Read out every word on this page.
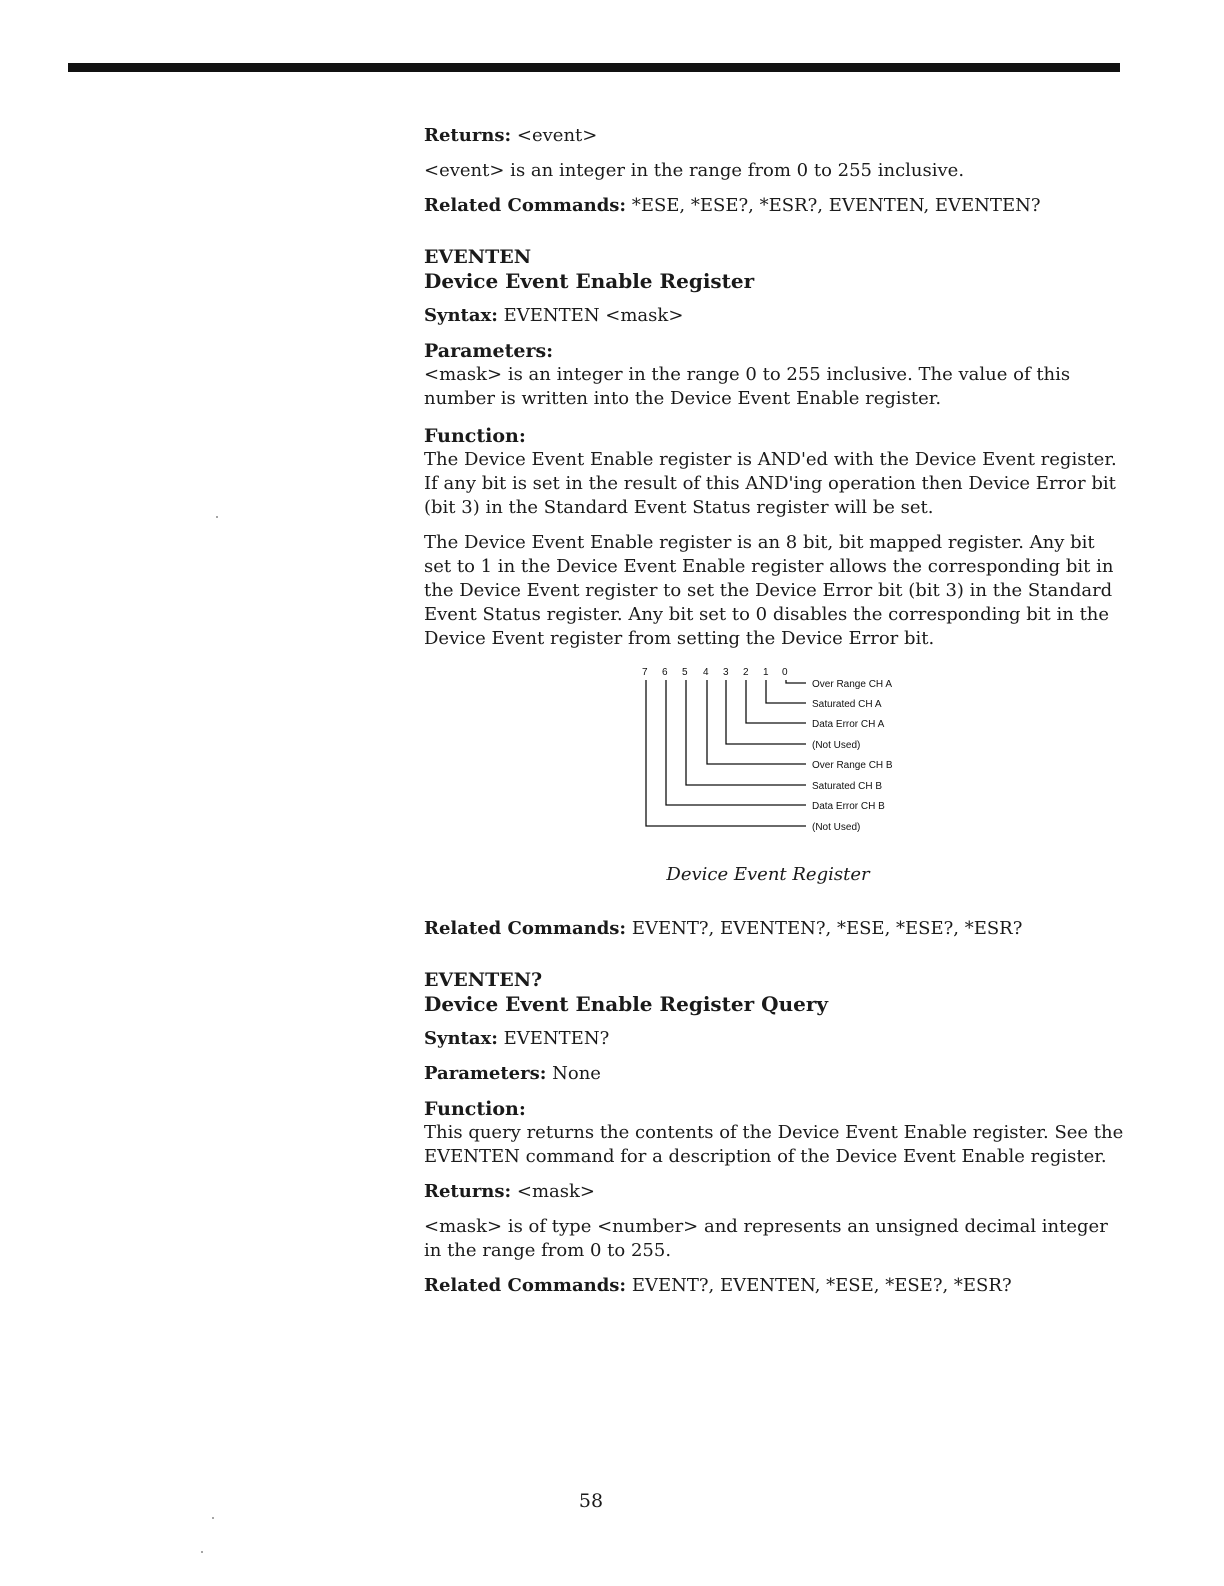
Returns: <event>

<event> is an integer in the range from 0 to 255 inclusive.

Related Commands: *ESE, *ESE?, *ESR?, EVENTEN, EVENTEN?

EVENTEN

Device Event Enable Register

Syntax: EVENTEN <mask>

Parameters:

<mask> is an integer in the range 0 to 255 inclusive. The value of this number is written into the Device Event Enable register.

Function:

The Device Event Enable register is AND'ed with the Device Event register. If any bit is set in the result of this AND'ing operation then Device Error bit (bit 3) in the Standard Event Status register will be set.

The Device Event Enable register is an 8 bit, bit mapped register. Any bit set to 1 in the Device Event Enable register allows the corresponding bit in the Device Event register to set the Device Error bit (bit 3) in the Standard Event Status register. Any bit set to 0 disables the corresponding bit in the Device Event register from setting the Device Error bit.

7 6 5 4 3 2 1 0
Over Range CH A
Saturated CH A
Data Error CH A
(Not Used)
Over Range CH B
Saturated CH B
Data Error CH B
(Not Used)

Device Event Register

Related Commands: EVENT?, EVENTEN?, *ESE, *ESE?, *ESR?

EVENTEN?

Device Event Enable Register Query

Syntax: EVENTEN?

Parameters: None

Function:

This query returns the contents of the Device Event Enable register. See the EVENTEN command for a description of the Device Event Enable register.

Returns: <mask>

<mask> is of type <number> and represents an unsigned decimal integer in the range from 0 to 255.

Related Commands: EVENT?, EVENTEN, *ESE, *ESE?, *ESR?

58
